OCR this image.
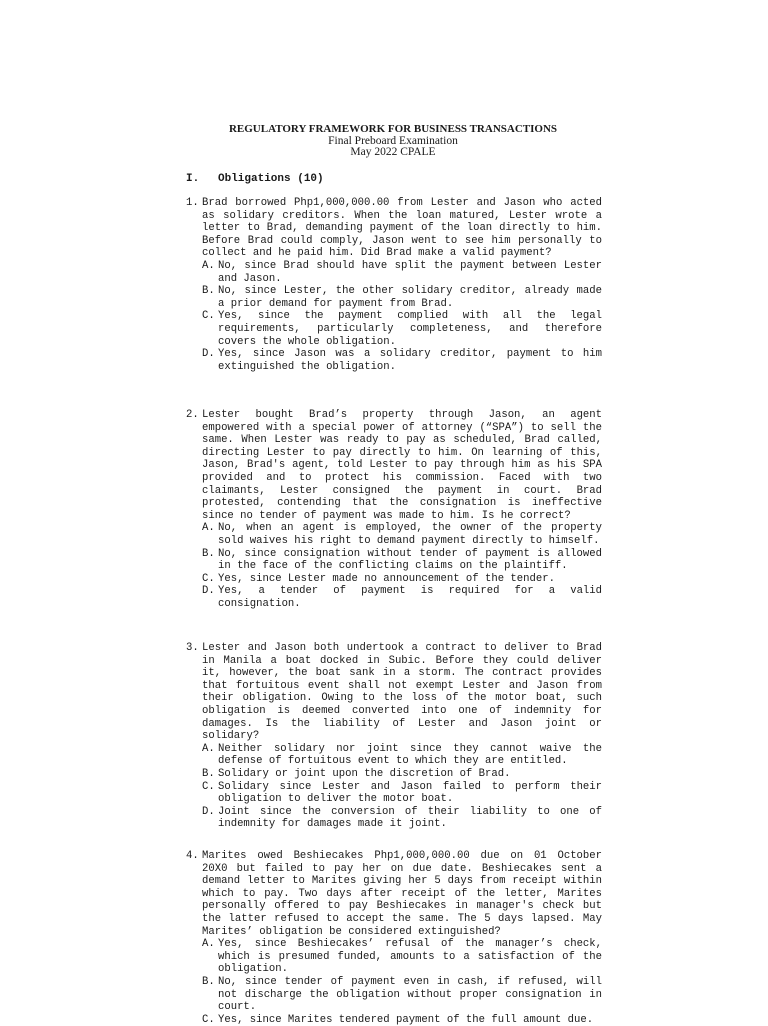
REGULATORY FRAMEWORK FOR BUSINESS TRANSACTIONS
Final Preboard Examination
May 2022 CPALE
I. Obligations (10)
1. Brad borrowed Php1,000,000.00 from Lester and Jason who acted as solidary creditors. When the loan matured, Lester wrote a letter to Brad, demanding payment of the loan directly to him. Before Brad could comply, Jason went to see him personally to collect and he paid him. Did Brad make a valid payment?
A. No, since Brad should have split the payment between Lester and Jason.
B. No, since Lester, the other solidary creditor, already made a prior demand for payment from Brad.
C. Yes, since the payment complied with all the legal requirements, particularly completeness, and therefore covers the whole obligation.
D. Yes, since Jason was a solidary creditor, payment to him extinguished the obligation.
2. Lester bought Brad’s property through Jason, an agent empowered with a special power of attorney (“SPA”) to sell the same. When Lester was ready to pay as scheduled, Brad called, directing Lester to pay directly to him. On learning of this, Jason, Brad's agent, told Lester to pay through him as his SPA provided and to protect his commission. Faced with two claimants, Lester consigned the payment in court. Brad protested, contending that the consignation is ineffective since no tender of payment was made to him. Is he correct?
A. No, when an agent is employed, the owner of the property sold waives his right to demand payment directly to himself.
B. No, since consignation without tender of payment is allowed in the face of the conflicting claims on the plaintiff.
C. Yes, since Lester made no announcement of the tender.
D. Yes, a tender of payment is required for a valid consignation.
3. Lester and Jason both undertook a contract to deliver to Brad in Manila a boat docked in Subic. Before they could deliver it, however, the boat sank in a storm. The contract provides that fortuitous event shall not exempt Lester and Jason from their obligation. Owing to the loss of the motor boat, such obligation is deemed converted into one of indemnity for damages. Is the liability of Lester and Jason joint or solidary?
A. Neither solidary nor joint since they cannot waive the defense of fortuitous event to which they are entitled.
B. Solidary or joint upon the discretion of Brad.
C. Solidary since Lester and Jason failed to perform their obligation to deliver the motor boat.
D. Joint since the conversion of their liability to one of indemnity for damages made it joint.
4. Marites owed Beshiecakes Php1,000,000.00 due on 01 October 20X0 but failed to pay her on due date. Beshiecakes sent a demand letter to Marites giving her 5 days from receipt within which to pay. Two days after receipt of the letter, Marites personally offered to pay Beshiecakes in manager's check but the latter refused to accept the same. The 5 days lapsed. May Marites’ obligation be considered extinguished?
A. Yes, since Beshiecakes’ refusal of the manager’s check, which is presumed funded, amounts to a satisfaction of the obligation.
B. No, since tender of payment even in cash, if refused, will not discharge the obligation without proper consignation in court.
C. Yes, since Marites tendered payment of the full amount due.
